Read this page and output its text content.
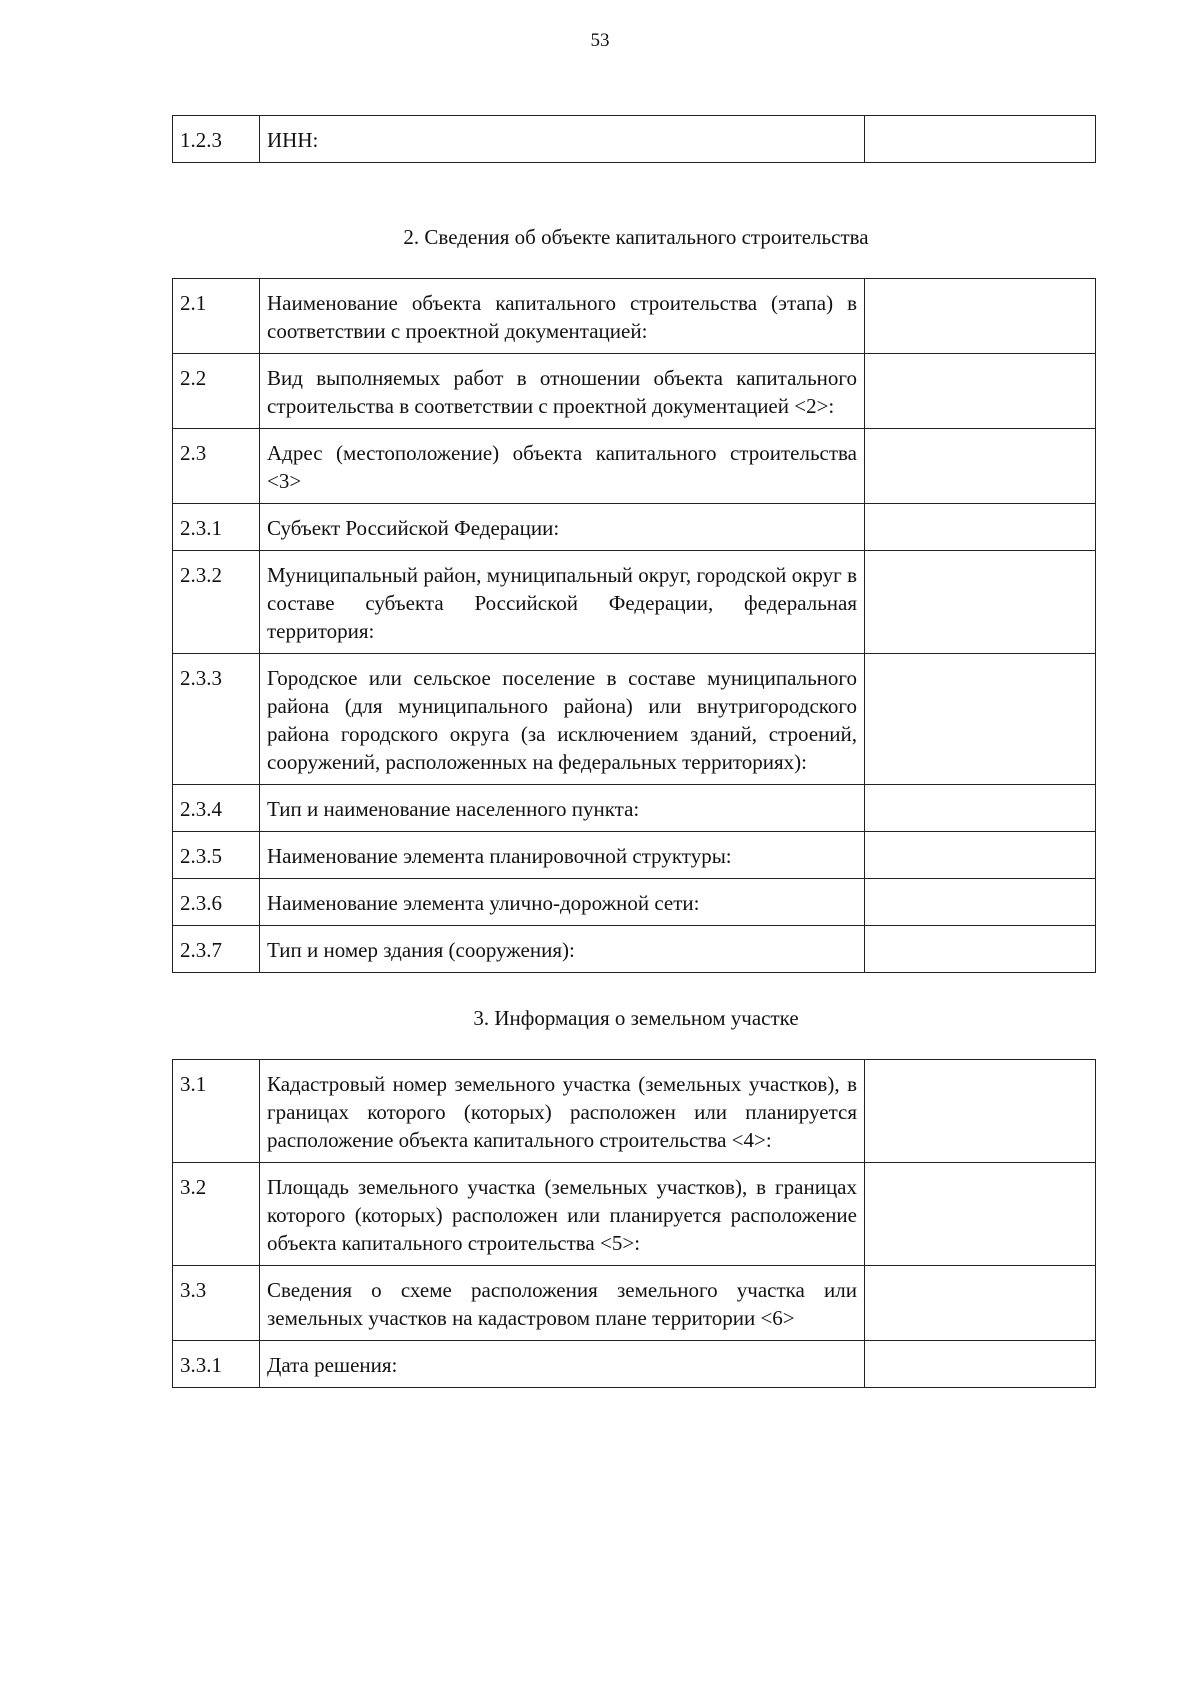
53
1.2.3	ИНН:	
2. Сведения об объекте капитального строительства
2.1	Наименование объекта капитального строительства (этапа) в соответствии с проектной документацией:	
2.2	Вид выполняемых работ в отношении объекта капитального строительства в соответствии с проектной документацией <2>:	
2.3	Адрес (местоположение) объекта капитального строительства <3>	
2.3.1	Субъект Российской Федерации:	
2.3.2	Муниципальный район, муниципальный округ, городской округ в составе субъекта Российской Федерации, федеральная территория:	
2.3.3	Городское или сельское поселение в составе муниципального района (для муниципального района) или внутригородского района городского округа (за исключением зданий, строений, сооружений, расположенных на федеральных территориях):	
2.3.4	Тип и наименование населенного пункта:	
2.3.5	Наименование элемента планировочной структуры:	
2.3.6	Наименование элемента улично-дорожной сети:	
2.3.7	Тип и номер здания (сооружения):	
3. Информация о земельном участке
3.1	Кадастровый номер земельного участка (земельных участков), в границах которого (которых) расположен или планируется расположение объекта капитального строительства <4>:	
3.2	Площадь земельного участка (земельных участков), в границах которого (которых) расположен или планируется расположение объекта капитального строительства <5>:	
3.3	Сведения о схеме расположения земельного участка или земельных участков на кадастровом плане территории <6>	
3.3.1	Дата решения:	
